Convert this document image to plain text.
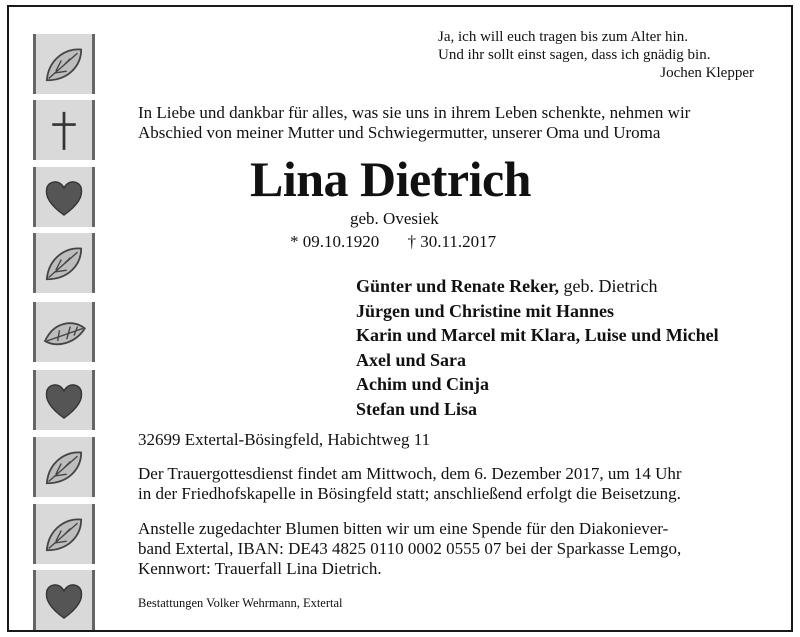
Ja, ich will euch tragen bis zum Alter hin.
Und ihr sollt einst sagen, dass ich gnädig bin.
Jochen Klepper
In Liebe und dankbar für alles, was sie uns in ihrem Leben schenkte, nehmen wir
Abschied von meiner Mutter und Schwiegermutter, unserer Oma und Uroma
Lina Dietrich
geb. Ovesiek
* 09.10.1920 † 30.11.2017
Günter und Renate Reker, geb. Dietrich
Jürgen und Christine mit Hannes
Karin und Marcel mit Klara, Luise und Michel
Axel und Sara
Achim und Cinja
Stefan und Lisa
32699 Extertal-Bösingfeld, Habichtweg 11
Der Trauergottesdienst findet am Mittwoch, dem 6. Dezember 2017, um 14 Uhr
in der Friedhofskapelle in Bösingfeld statt; anschließend erfolgt die Beisetzung.
Anstelle zugedachter Blumen bitten wir um eine Spende für den Diakoniever-
band Extertal, IBAN: DE43 4825 0110 0002 0555 07 bei der Sparkasse Lemgo,
Kennwort: Trauerfall Lina Dietrich.
Bestattungen Volker Wehrmann, Extertal
